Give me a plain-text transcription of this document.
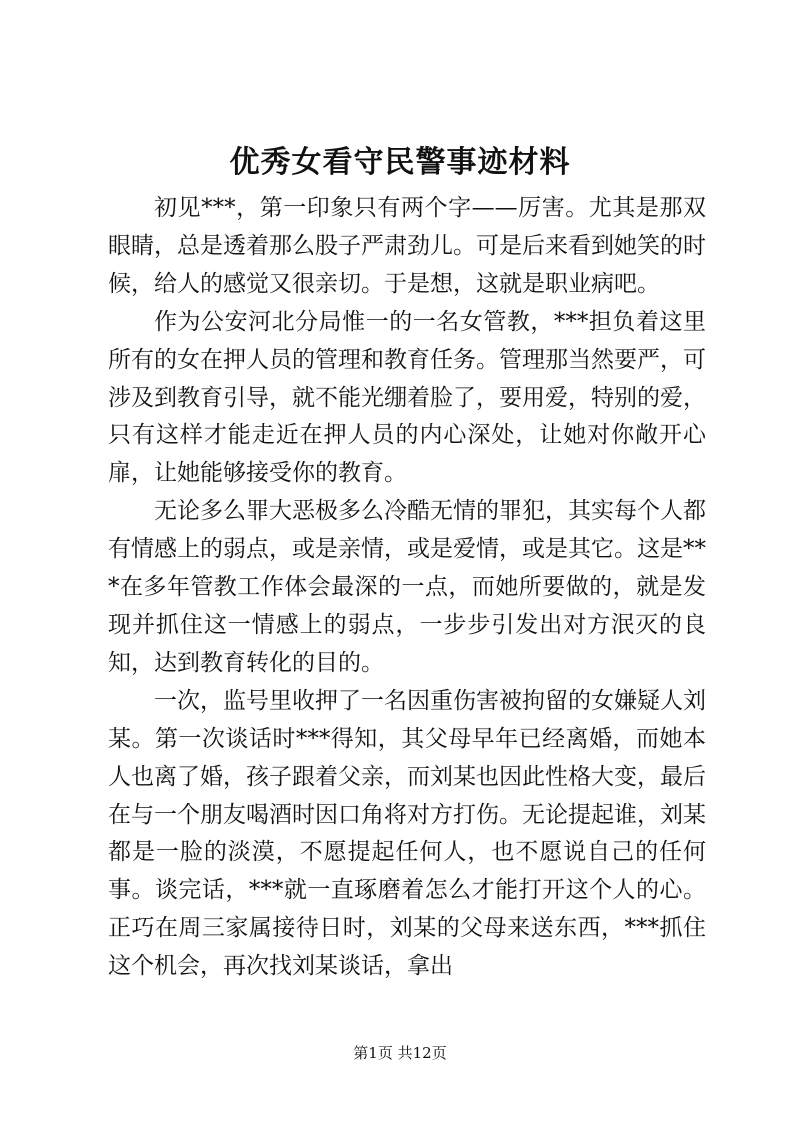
优秀女看守民警事迹材料

初见***，第一印象只有两个字——厉害。尤其是那双眼睛，总是透着那么股子严肃劲儿。可是后来看到她笑的时候，给人的感觉又很亲切。于是想，这就是职业病吧。

作为公安河北分局惟一的一名女管教，***担负着这里所有的女在押人员的管理和教育任务。管理那当然要严，可涉及到教育引导，就不能光绷着脸了，要用爱，特别的爱，只有这样才能走近在押人员的内心深处，让她对你敞开心扉，让她能够接受你的教育。

无论多么罪大恶极多么冷酷无情的罪犯，其实每个人都有情感上的弱点，或是亲情，或是爱情，或是其它。这是***在多年管教工作体会最深的一点，而她所要做的，就是发现并抓住这一情感上的弱点，一步步引发出对方泯灭的良知，达到教育转化的目的。

一次，监号里收押了一名因重伤害被拘留的女嫌疑人刘某。第一次谈话时***得知，其父母早年已经离婚，而她本人也离了婚，孩子跟着父亲，而刘某也因此性格大变，最后在与一个朋友喝酒时因口角将对方打伤。无论提起谁，刘某都是一脸的淡漠，不愿提起任何人，也不愿说自己的任何事。谈完话，***就一直琢磨着怎么才能打开这个人的心。正巧在周三家属接待日时，刘某的父母来送东西，***抓住这个机会，再次找刘某谈话，拿出

第1页 共12页
